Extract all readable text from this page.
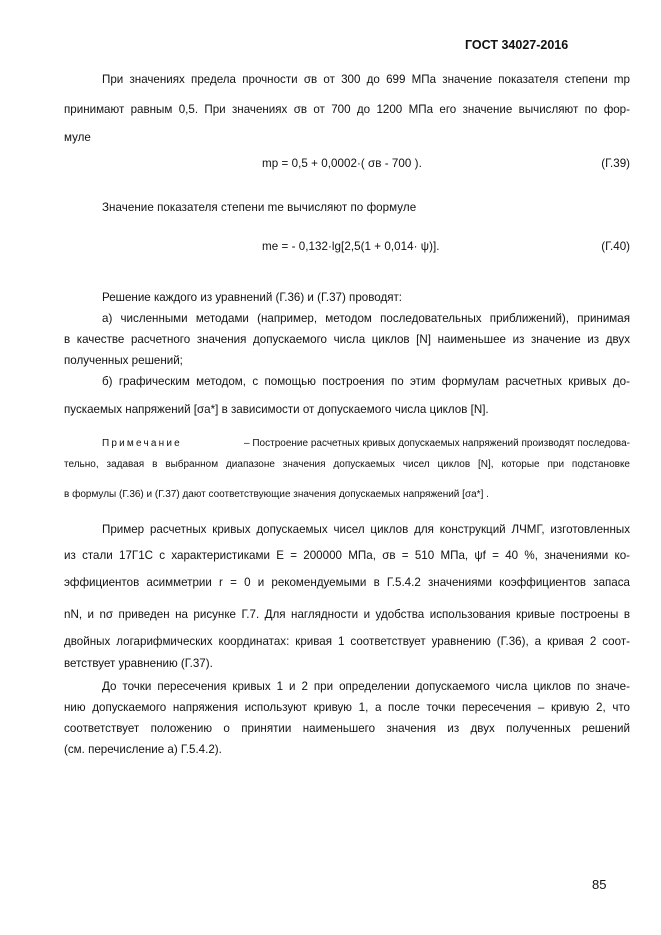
ГОСТ 34027-2016
При значениях предела прочности σв от 300 до 699 МПа значение показателя степени mр
принимают равным 0,5. При значениях σв от 700 до 1200 МПа его значение вычисляют по фор-
муле
mр = 0,5 + 0,0002·( σв - 700 ).	(Г.39)
Значение показателя степени mе вычисляют по формуле
mе = - 0,132·lg[2,5(1 + 0,014· ψ)].	(Г.40)
Решение каждого из уравнений (Г.36) и (Г.37) проводят:
а) численными методами (например, методом последовательных приближений), принимая
в качестве расчетного значения допускаемого числа циклов [N] наименьшее из значение из двух
полученных решений;
б) графическим методом, с помощью построения по этим формулам расчетных кривых до-
пускаемых напряжений [σа*] в зависимости от допускаемого числа циклов [N].
Примечание	– Построение расчетных кривых допускаемых напряжений производят последова-
тельно, задавая в выбранном диапазоне значения допускаемых чисел циклов [N], которые при подстановке
в формулы (Г.36) и (Г.37) дают соответствующие значения допускаемых напряжений [σа*] .
Пример расчетных кривых допускаемых чисел циклов для конструкций ЛЧМГ, изготовленных
из стали 17Г1С с характеристиками E = 200000 МПа, σв = 510 МПа, ψf = 40 %, значениями ко-
эффициентов асимметрии r = 0 и рекомендуемыми в Г.5.4.2 значениями коэффициентов запаса
nN, и nσ приведен на рисунке Г.7. Для наглядности и удобства использования кривые построены в
двойных логарифмических координатах: кривая 1 соответствует уравнению (Г.36), а кривая 2 соот-
ветствует уравнению (Г.37).
До точки пересечения кривых 1 и 2 при определении допускаемого числа циклов по значе-
нию допускаемого напряжения используют кривую 1, а после точки пересечения – кривую 2, что
соответствует положению о принятии наименьшего значения из двух полученных решений
(см. перечисление а) Г.5.4.2).
85
